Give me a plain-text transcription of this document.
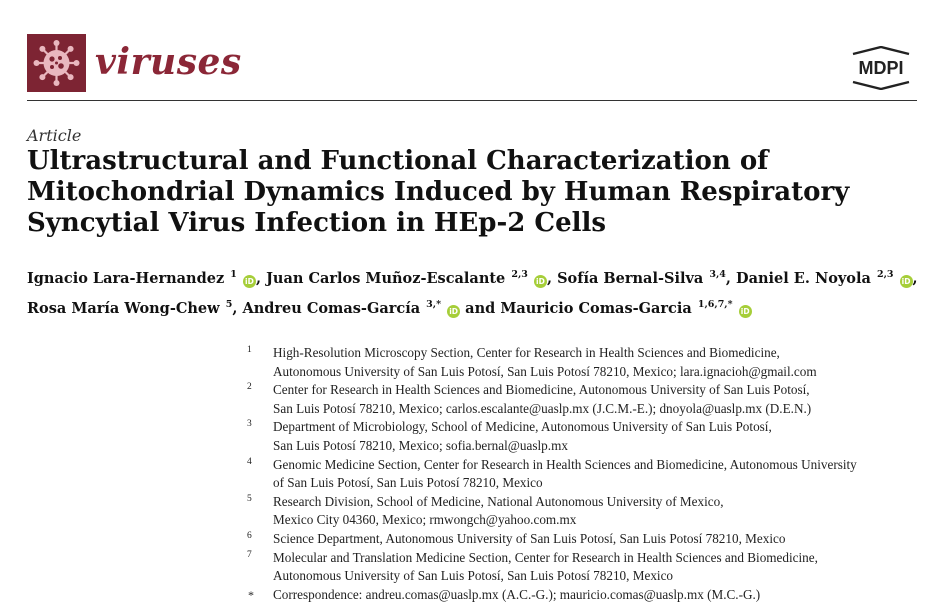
viruses	MDPI
Article
Ultrastructural and Functional Characterization of Mitochondrial Dynamics Induced by Human Respiratory Syncytial Virus Infection in HEp-2 Cells
Ignacio Lara-Hernandez $^1$ iD , Juan Carlos Muñoz-Escalante $^{2,3}$ iD , Sofía Bernal-Silva $^{3,4}$, Daniel E. Noyola $^{2,3}$ iD ,
Rosa María Wong-Chew $^5$, Andreu Comas-García $^{3,*}$ iD and Mauricio Comas-Garcia $^{1,6,7,*}$ iD
1 High-Resolution Microscopy Section, Center for Research in Health Sciences and Biomedicine,
Autonomous University of San Luis Potosí, San Luis Potosí 78210, Mexico; lara.ignacioh@gmail.com
2 Center for Research in Health Sciences and Biomedicine, Autonomous University of San Luis Potosí,
San Luis Potosí 78210, Mexico; carlos.escalante@uaslp.mx (J.C.M.-E.); dnoyola@uaslp.mx (D.E.N.)
3 Department of Microbiology, School of Medicine, Autonomous University of San Luis Potosí,
San Luis Potosí 78210, Mexico; sofia.bernal@uaslp.mx
4 Genomic Medicine Section, Center for Research in Health Sciences and Biomedicine, Autonomous University
of San Luis Potosí, San Luis Potosí 78210, Mexico
5 Research Division, School of Medicine, National Autonomous University of Mexico,
Mexico City 04360, Mexico; rmwongch@yahoo.com.mx
6 Science Department, Autonomous University of San Luis Potosí, San Luis Potosí 78210, Mexico
7 Molecular and Translation Medicine Section, Center for Research in Health Sciences and Biomedicine,
Autonomous University of San Luis Potosí, San Luis Potosí 78210, Mexico
* Correspondence: andreu.comas@uaslp.mx (A.C.-G.); mauricio.comas@uaslp.mx (M.C.-G.)
